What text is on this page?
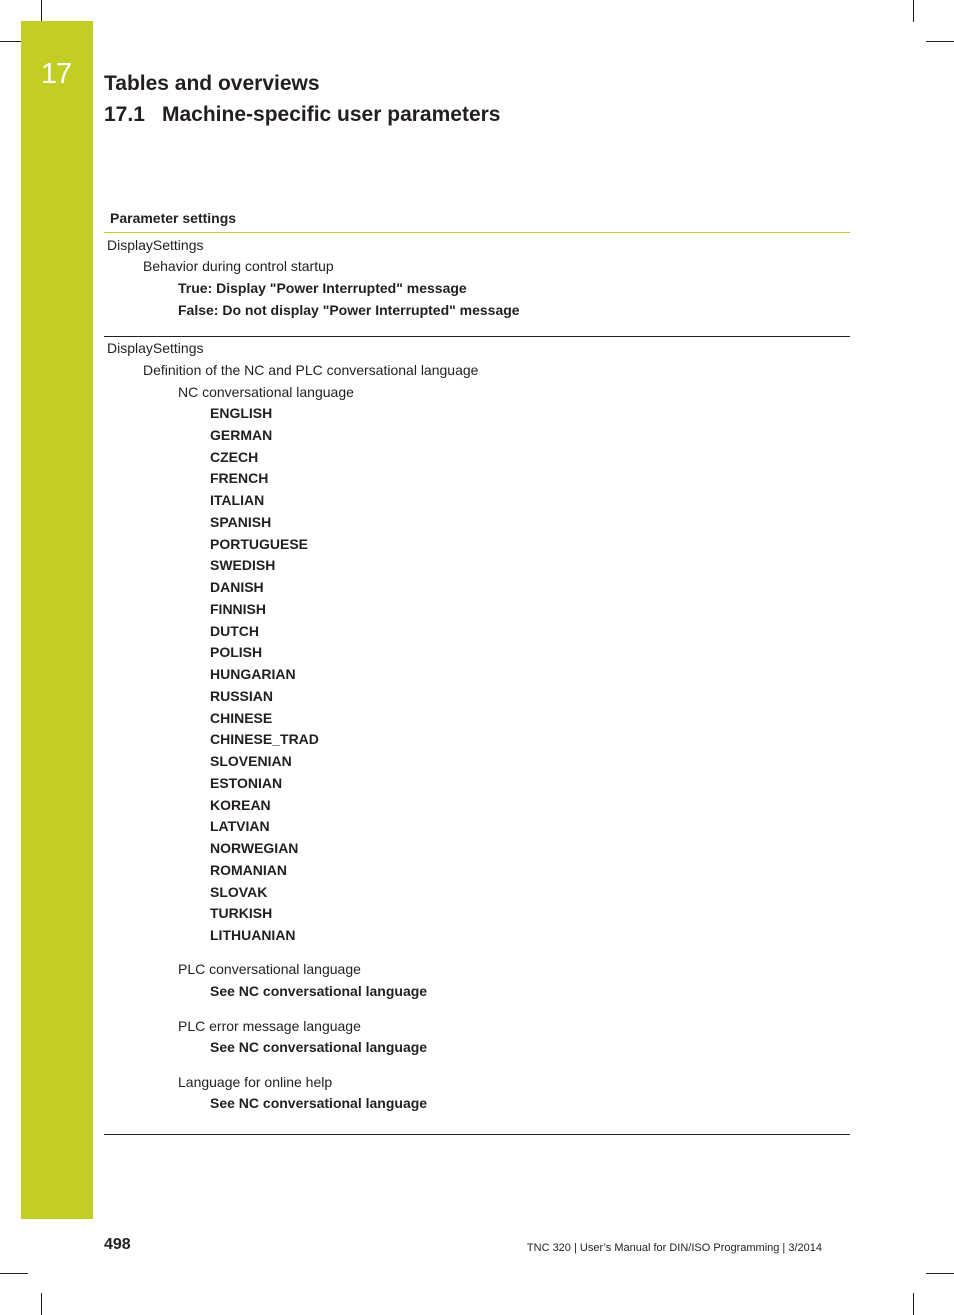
17	Tables and overviews
17.1 Machine-specific user parameters
Parameter settings
DisplaySettings
Behavior during control startup
True: Display "Power Interrupted" message
False: Do not display "Power Interrupted" message
DisplaySettings
Definition of the NC and PLC conversational language
NC conversational language
ENGLISH
GERMAN
CZECH
FRENCH
ITALIAN
SPANISH
PORTUGUESE
SWEDISH
DANISH
FINNISH
DUTCH
POLISH
HUNGARIAN
RUSSIAN
CHINESE
CHINESE_TRAD
SLOVENIAN
ESTONIAN
KOREAN
LATVIAN
NORWEGIAN
ROMANIAN
SLOVAK
TURKISH
LITHUANIAN
PLC conversational language
See NC conversational language
PLC error message language
See NC conversational language
Language for online help
See NC conversational language
498	TNC 320 | User’s Manual for DIN/ISO Programming | 3/2014
